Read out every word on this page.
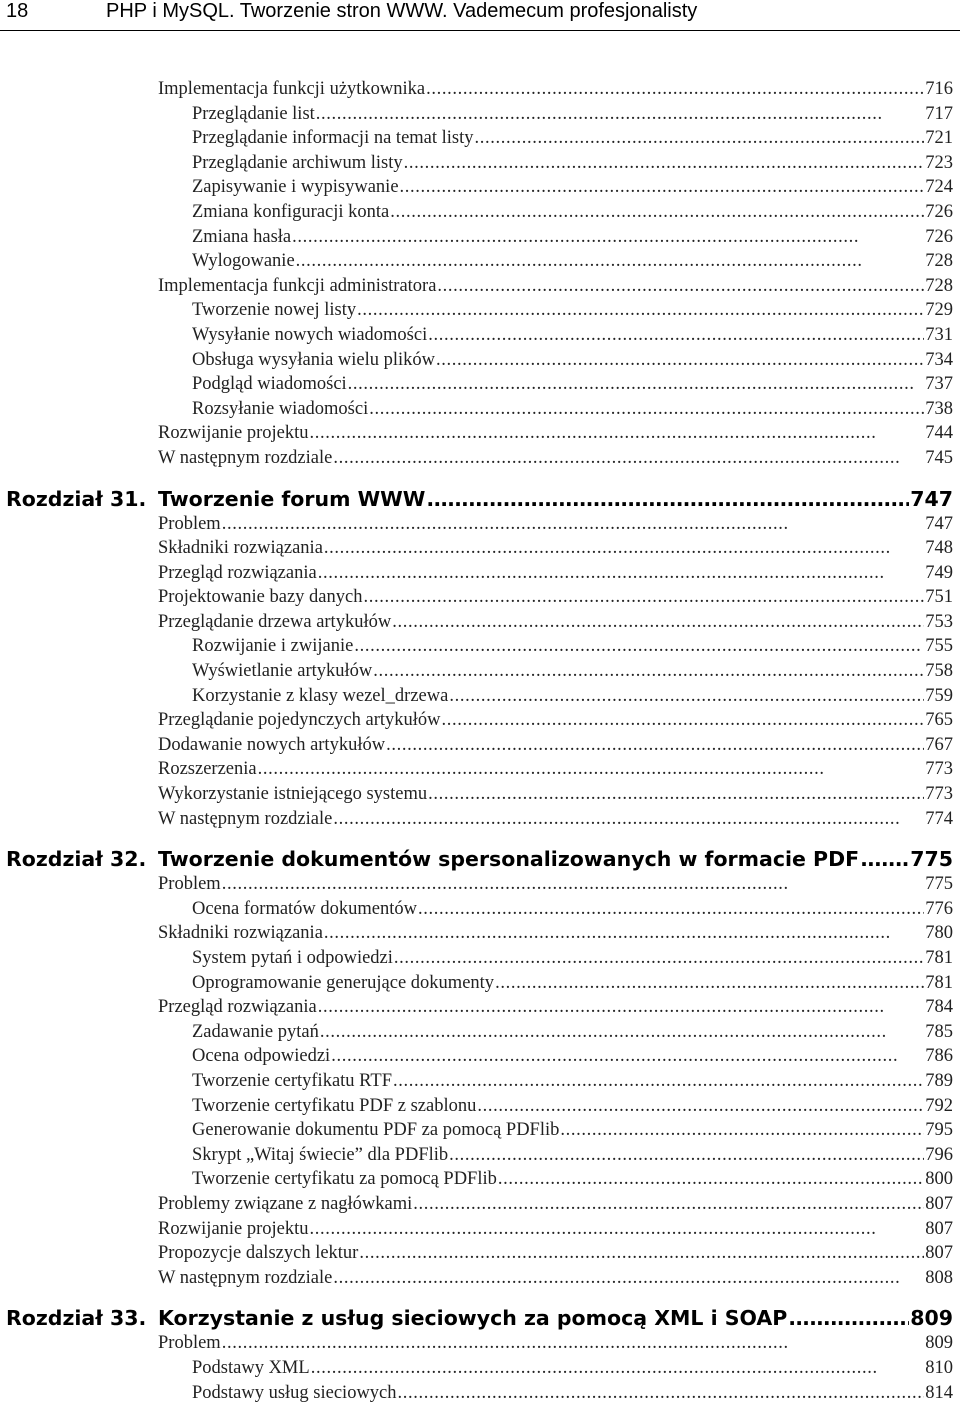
18	PHP i MySQL. Tworzenie stron WWW. Vademecum profesjonalisty
Implementacja funkcji użytkownika . . .	716
Przeglądanie list . . .	717
Przeglądanie informacji na temat listy . . .	721
Przeglądanie archiwum listy . . .	723
Zapisywanie i wypisywanie . . .	724
Zmiana konfiguracji konta . . .	726
Zmiana hasła . . .	726
Wylogowanie . . .	728
Implementacja funkcji administratora . . .	728
Tworzenie nowej listy . . .	729
Wysyłanie nowych wiadomości . . .	731
Obsługa wysyłania wielu plików . . .	734
Podgląd wiadomości . . .	737
Rozsyłanie wiadomości . . .	738
Rozwijanie projektu . . .	744
W następnym rozdziale . . .	745
Rozdział 31. Tworzenie forum WWW . . .	747
Problem . . .	747
Składniki rozwiązania . . .	748
Przegląd rozwiązania . . .	749
Projektowanie bazy danych . . .	751
Przeglądanie drzewa artykułów . . .	753
Rozwijanie i zwijanie . . .	755
Wyświetlanie artykułów . . .	758
Korzystanie z klasy wezel_drzewa . . .	759
Przeglądanie pojedynczych artykułów . . .	765
Dodawanie nowych artykułów . . .	767
Rozszerzenia . . .	773
Wykorzystanie istniejącego systemu . . .	773
W następnym rozdziale . . .	774
Rozdział 32. Tworzenie dokumentów spersonalizowanych w formacie PDF . . . 775
Problem . . .	775
Ocena formatów dokumentów . . .	776
Składniki rozwiązania . . .	780
System pytań i odpowiedzi . . .	781
Oprogramowanie generujące dokumenty . . .	781
Przegląd rozwiązania . . .	784
Zadawanie pytań . . .	785
Ocena odpowiedzi . . .	786
Tworzenie certyfikatu RTF . . .	789
Tworzenie certyfikatu PDF z szablonu . . .	792
Generowanie dokumentu PDF za pomocą PDFlib . . .	795
Skrypt „Witaj świecie” dla PDFlib . . .	796
Tworzenie certyfikatu za pomocą PDFlib . . .	800
Problemy związane z nagłówkami . . .	807
Rozwijanie projektu . . .	807
Propozycje dalszych lektur . . .	807
W następnym rozdziale . . .	808
Rozdział 33. Korzystanie z usług sieciowych za pomocą XML i SOAP . . .	809
Problem . . .	809
Podstawy XML . . .	810
Podstawy usług sieciowych . . .	814
